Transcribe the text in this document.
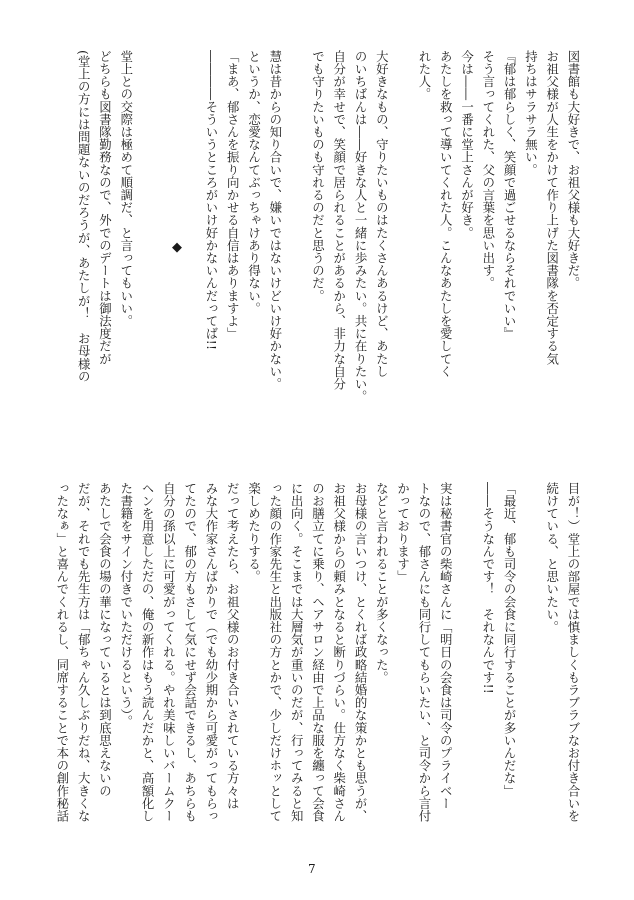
図書館も大好きで、お祖父様も大好きだ。
お祖父様が人生をかけて作り上げた図書隊を否定する気
持ちはサラサラ無い。
『郁は郁らしく、笑顔で過ごせるならそれでいい』
そう言ってくれた、父の言葉を思い出す。
今は――一番に堂上さんが好き。
あたしを救って導いてくれた人。こんなあたしを愛してく
れた人。

大好きなもの、守りたいものはたくさんあるけど、あたし
のいちばんは――好きな人と一緒に歩みたい。共に在りたい。
自分が幸せで、笑顔で居られることがあるから、非力な自分
でも守りたいものも守れるのだと思うのだ。

慧は昔からの知り合いで、嫌いではないけどいけ好かない。
というか、恋愛なんてぶっちゃけあり得ない。
「まあ、郁さんを振り向かせる自信はありますよ」
――――そういうところがいけ好かないんだってば!!

堂上との交際は極めて順調だ、と言ってもいい。
どちらも図書隊勤務なので、外でのデートは御法度だが
(堂上の方には問題ないのだろうが、あたしが！　お母様の	◆
目が！）堂上の部屋では慎ましくもラブラブなお付き合いを
続けている、と思いたい。

「最近、郁も司令の会食に同行することが多いんだな」
――そうなんです！　それなんです!!

実は秘書官の柴崎さんに「明日の会食は司令のプライベー
トなので、郁さんにも同行してもらいたい、と司令から言付
かっております」
などと言われることが多くなった。
お母様の言いつけ、とくれば政略結婚的な策かとも思うが、
お祖父様からの頼みとなると断りづらい。仕方なく柴崎さん
のお膳立てに乗り、ヘアサロン経由で上品な服を纏って会食
に出向く。そこまでは大層気が重いのだが、行ってみると知
った顔の作家先生と出版社の方とかで、少しだけホッとして
楽しめたりする。
だって考えたら、お祖父様のお付き合いされている方々は
みな大作家さんばかりで（でも幼少期から可愛がってもらっ
てたので、郁の方もさして気にせず会話できるし、あちらも
自分の孫以上に可愛がってくれる。やれ美味しいバームクー
ヘンを用意しただの、俺の新作はもう読んだかと、高額化し
た書籍をサイン付きでいただけるという）。
あたしで会食の場の華になっているとは到底思えないの
だが、それでも先生方は「郁ちゃん久しぶりだね、大きくな
ったなぁ」と喜んでくれるし、同席することで本の創作秘話
7
